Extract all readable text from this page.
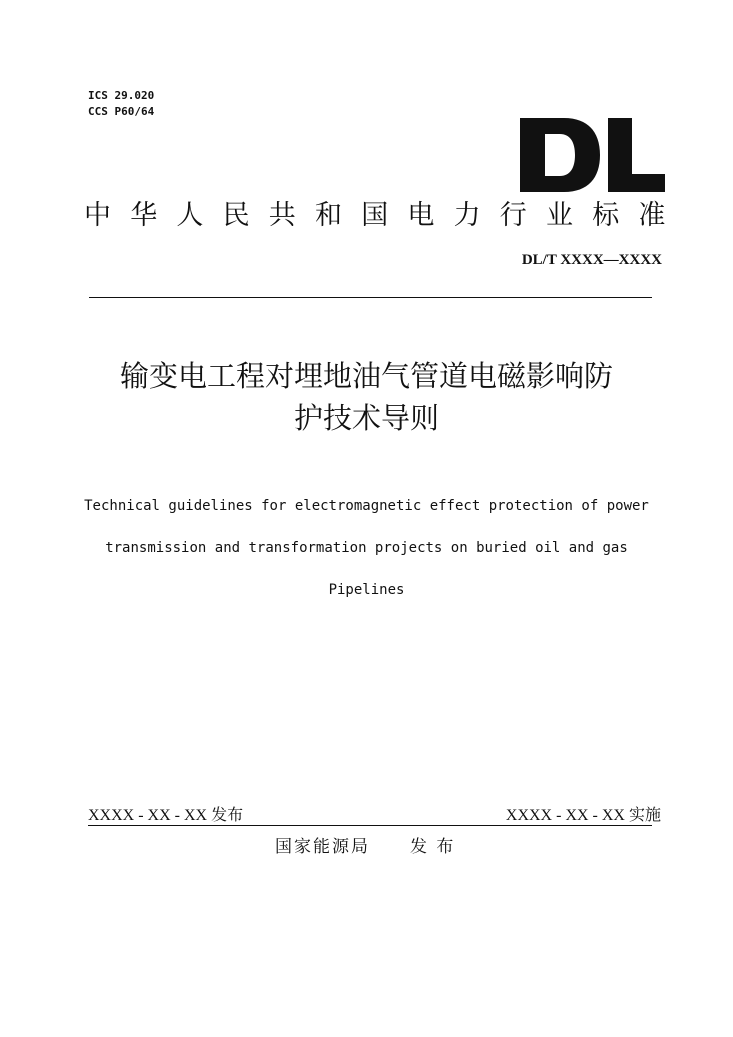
ICS 29.020
CCS P60/64
中华人民共和国电力行业标准
DL/T XXXX—XXXX
输变电工程对埋地油气管道电磁影响防
护技术导则
Technical guidelines for electromagnetic effect protection of power
transmission and transformation projects on buried oil and gas
Pipelines
XXXX - XX - XX 发布	XXXX - XX - XX 实施
国家能源局 发 布
